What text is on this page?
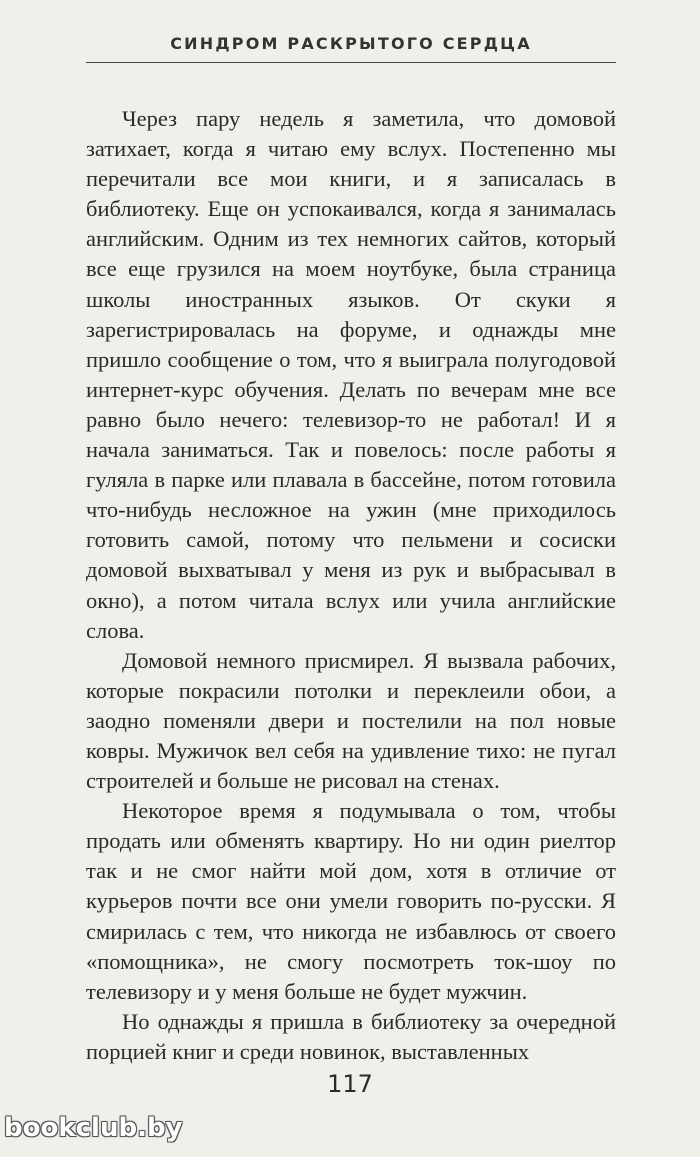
СИНДРОМ РАСКРЫТОГО СЕРДЦА

Через пару недель я заметила, что домовой затихает, когда я читаю ему вслух. Постепенно мы перечитали все мои книги, и я записалась в библиотеку. Еще он успокаивался, когда я занималась английским. Одним из тех немногих сайтов, который все еще грузился на моем ноутбуке, была страница школы иностранных языков. От скуки я зарегистрировалась на форуме, и однажды мне пришло сообщение о том, что я выиграла полугодовой интернет-курс обучения. Делать по вечерам мне все равно было нечего: телевизор-то не работал! И я начала заниматься. Так и повелось: после работы я гуляла в парке или плавала в бассейне, потом готовила что-нибудь несложное на ужин (мне приходилось готовить самой, потому что пельмени и сосиски домовой выхватывал у меня из рук и выбрасывал в окно), а потом читала вслух или учила английские слова.

Домовой немного присмирел. Я вызвала рабочих, которые покрасили потолки и переклеили обои, а заодно поменяли двери и постелили на пол новые ковры. Мужичок вел себя на удивление тихо: не пугал строителей и больше не рисовал на стенах.

Некоторое время я подумывала о том, чтобы продать или обменять квартиру. Но ни один риелтор так и не смог найти мой дом, хотя в отличие от курьеров почти все они умели говорить по-русски. Я смирилась с тем, что никогда не избавлюсь от своего «помощника», не смогу посмотреть ток-шоу по телевизору и у меня больше не будет мужчин.

Но однажды я пришла в библиотеку за очередной порцией книг и среди новинок, выставленных

117
bookclub.by
